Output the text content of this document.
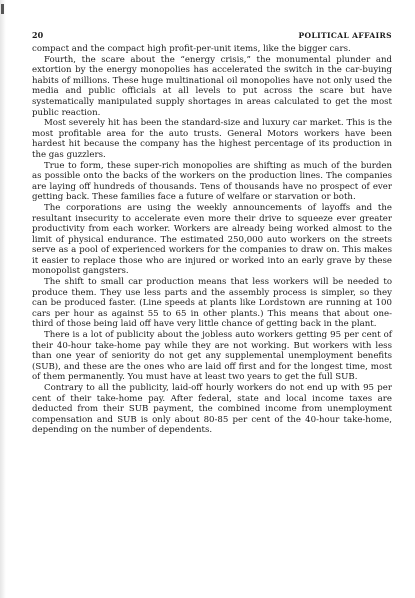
20	POLITICAL AFFAIRS

compact and the compact high profit-per-unit items, like the bigger cars.

Fourth, the scare about the “energy crisis,” the monumental plunder and extortion by the energy monopolies has accelerated the switch in the car-buying habits of millions. These huge multinational oil monopolies have not only used the media and public officials at all levels to put across the scare but have systematically manipulated supply shortages in areas calculated to get the most public reaction.

Most severely hit has been the standard-size and luxury car market. This is the most profitable area for the auto trusts. General Motors workers have been hardest hit because the company has the highest percentage of its production in the gas guzzlers.

True to form, these super-rich monopolies are shifting as much of the burden as possible onto the backs of the workers on the production lines. The companies are laying off hundreds of thousands. Tens of thousands have no prospect of ever getting back. These families face a future of welfare or starvation or both.

The corporations are using the weekly announcements of layoffs and the resultant insecurity to accelerate even more their drive to squeeze ever greater productivity from each worker. Workers are already being worked almost to the limit of physical endurance. The estimated 250,000 auto workers on the streets serve as a pool of experienced workers for the companies to draw on. This makes it easier to replace those who are injured or worked into an early grave by these monopolist gangsters.

The shift to small car production means that less workers will be needed to produce them. They use less parts and the assembly process is simpler, so they can be produced faster. (Line speeds at plants like Lordstown are running at 100 cars per hour as against 55 to 65 in other plants.) This means that about one-third of those being laid off have very little chance of getting back in the plant.

There is a lot of publicity about the jobless auto workers getting 95 per cent of their 40-hour take-home pay while they are not working. But workers with less than one year of seniority do not get any supplemental unemployment benefits (SUB), and these are the ones who are laid off first and for the longest time, most of them permanently. You must have at least two years to get the full SUB.

Contrary to all the publicity, laid-off hourly workers do not end up with 95 per cent of their take-home pay. After federal, state and local income taxes are deducted from their SUB payment, the combined income from unemployment compensation and SUB is only about 80-85 per cent of the 40-hour take-home, depending on the number of dependents.
